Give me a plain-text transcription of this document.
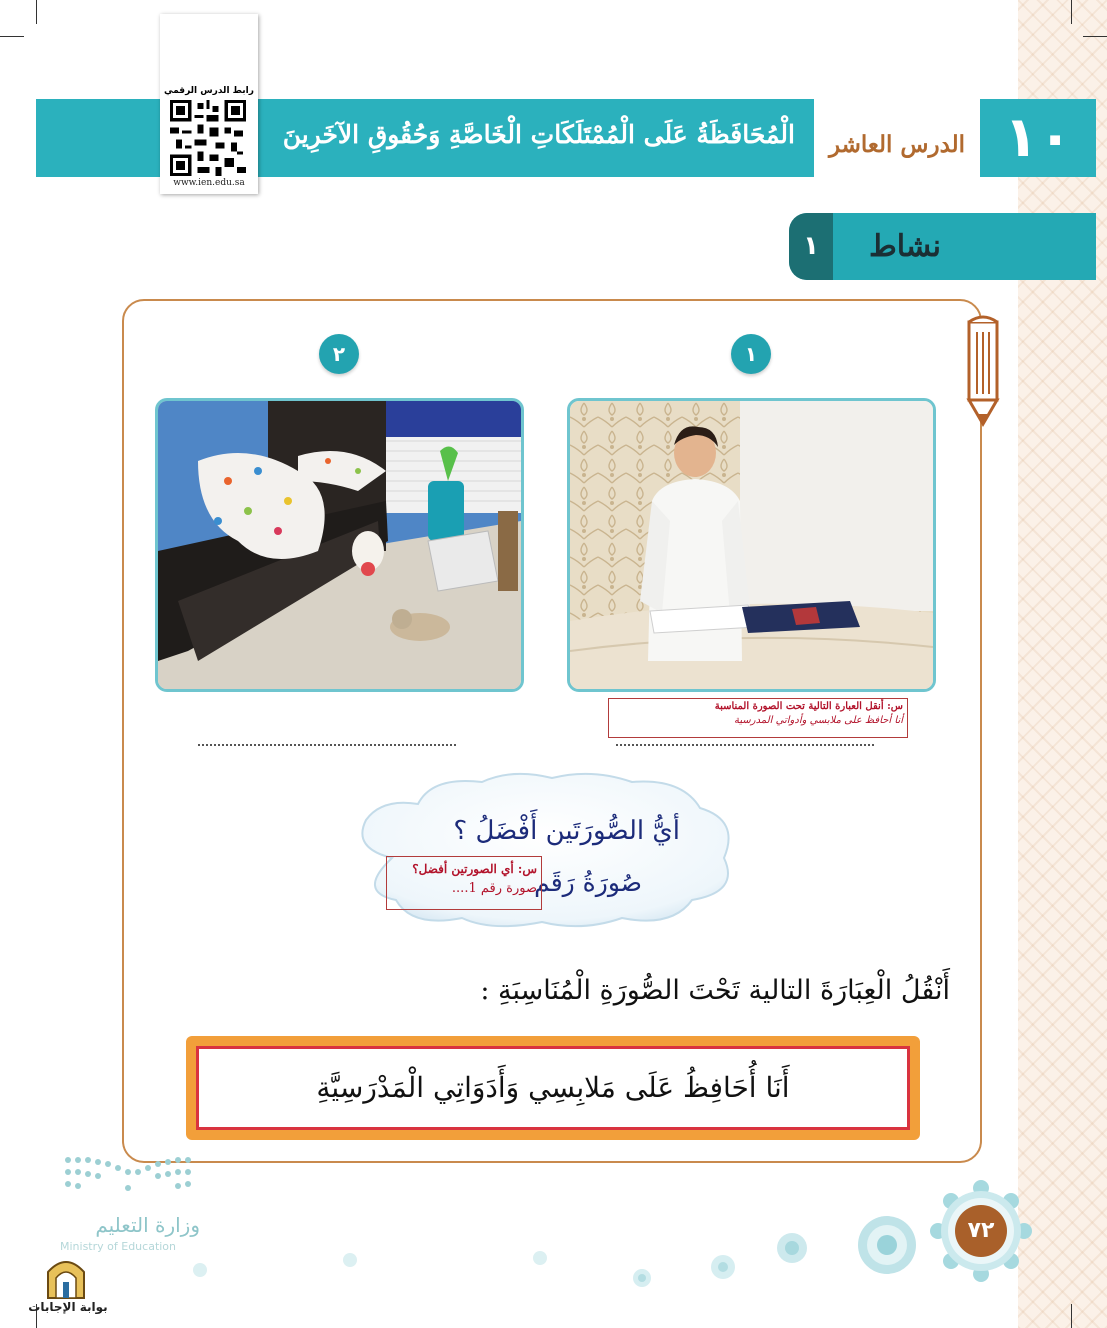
الْمُحَافَظَةُ عَلَى الْمُمْتَلَكَاتِ الْخَاصَّةِ وَحُقُوقِ الآخَرِينَ	الدرس العاشر ١٠
رابط الدرس الرقمي
www.ien.edu.sa
١	نشاط
١
٢
س: أنقل العبارة التالية تحت الصورة المناسبة
أنا أحافظ على ملابسي وأدواتي المدرسية
أيُّ الصُّورَتَين أَفْضَلُ ؟
صُورَةُ رَقَم
س: أي الصورتين أفضل؟
صورة رقم 1....
أَنْقُلُ الْعِبَارَةَ التالية تَحْتَ الصُّورَةِ الْمُنَاسِبَةِ :
أَنَا أُحَافِظُ عَلَى مَلابِسِي وَأَدَوَاتِي الْمَدْرَسِيَّةِ
وزارة التعليم
Ministry of Education
بوابة الإجابات
٧٢
